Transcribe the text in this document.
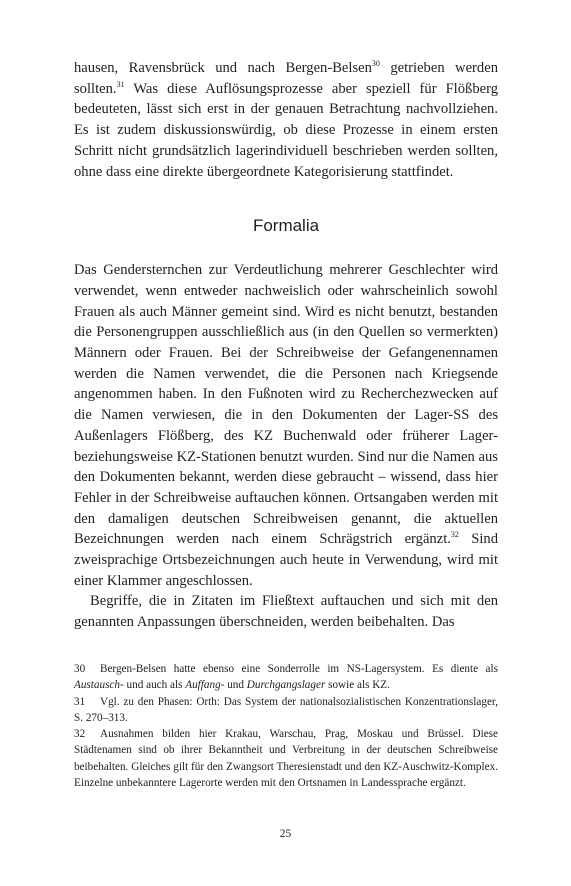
hausen, Ravensbrück und nach Bergen-Belsen$^{30}$ getrieben werden sollten.$^{31}$ Was diese Auflösungsprozesse aber speziell für Flößberg bedeuteten, lässt sich erst in der genauen Betrachtung nachvollziehen. Es ist zudem diskussionswürdig, ob diese Prozesse in einem ersten Schritt nicht grundsätzlich lagerindividuell beschrieben werden sollten, ohne dass eine direkte übergeordnete Kategorisierung stattfindet.

Formalia

Das Gendersternchen zur Verdeutlichung mehrerer Geschlechter wird verwendet, wenn entweder nachweislich oder wahrscheinlich sowohl Frauen als auch Männer gemeint sind. Wird es nicht benutzt, bestanden die Personengruppen ausschließlich aus (in den Quellen so vermerkten) Männern oder Frauen. Bei der Schreibweise der Gefangenennamen werden die Namen verwendet, die die Personen nach Kriegsende angenommen haben. In den Fußnoten wird zu Recherchezwecken auf die Namen verwiesen, die in den Dokumenten der Lager-SS des Außenlagers Flößberg, des KZ Buchenwald oder früherer Lager- beziehungsweise KZ-Stationen benutzt wurden. Sind nur die Namen aus den Dokumenten bekannt, werden diese gebraucht – wissend, dass hier Fehler in der Schreibweise auftauchen können. Ortsangaben werden mit den damaligen deutschen Schreibweisen genannt, die aktuellen Bezeichnungen werden nach einem Schrägstrich ergänzt.$^{32}$ Sind zweisprachige Ortsbezeichnungen auch heute in Verwendung, wird mit einer Klammer angeschlossen.

Begriffe, die in Zitaten im Fließtext auftauchen und sich mit den genannten Anpassungen überschneiden, werden beibehalten. Das

30 Bergen-Belsen hatte ebenso eine Sonderrolle im NS-Lagersystem. Es diente als Austausch- und auch als Auffang- und Durchgangslager sowie als KZ.

31 Vgl. zu den Phasen: Orth: Das System der nationalsozialistischen Konzentrationslager, S. 270–313.

32 Ausnahmen bilden hier Krakau, Warschau, Prag, Moskau und Brüssel. Diese Städtenamen sind ob ihrer Bekanntheit und Verbreitung in der deutschen Schreibweise beibehalten. Gleiches gilt für den Zwangsort Theresienstadt und den KZ-Auschwitz-Komplex. Einzelne unbekanntere Lagerorte werden mit den Ortsnamen in Landessprache ergänzt.

25
